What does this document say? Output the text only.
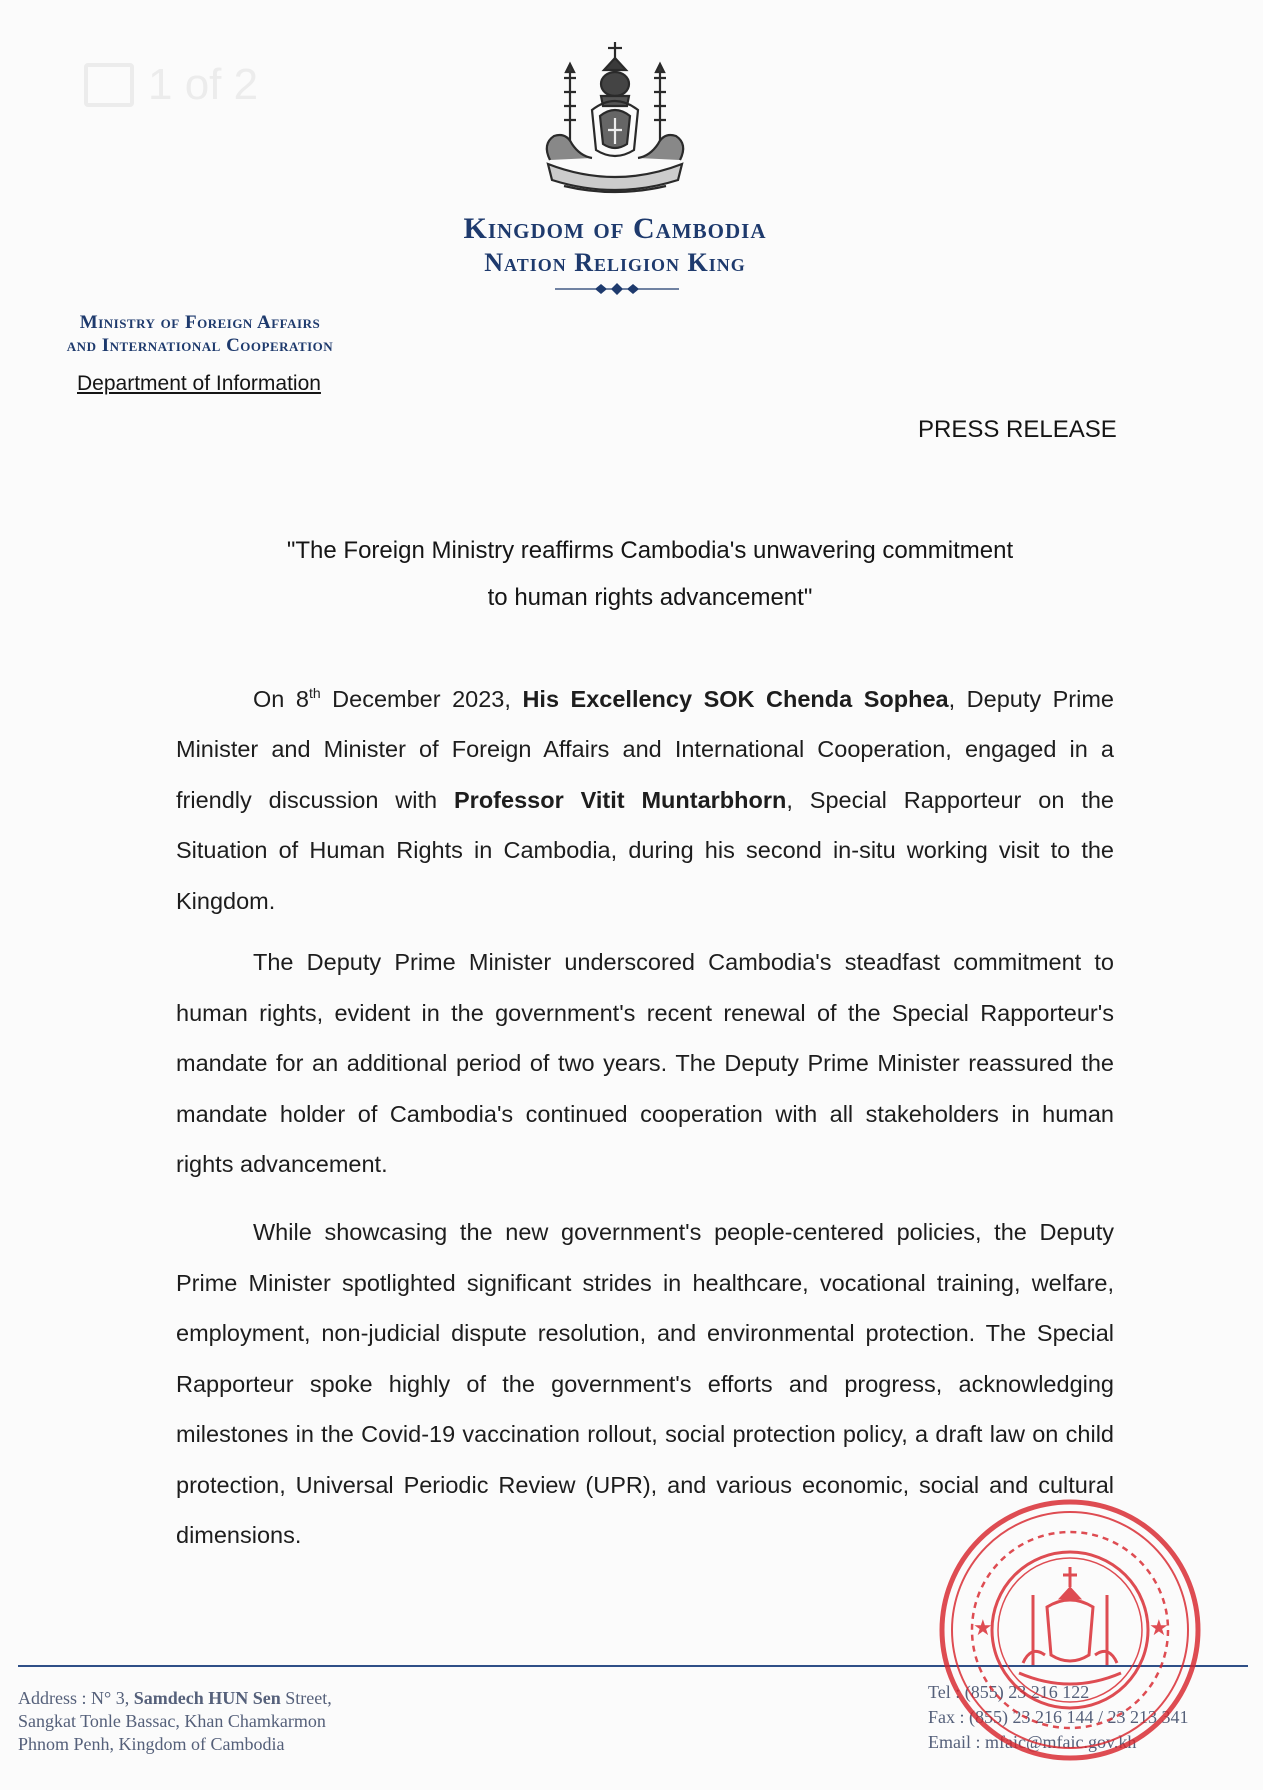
1 of 2
Kingdom of Cambodia
Nation Religion King
Ministry of Foreign Affairs
and International Cooperation
Department of Information
PRESS RELEASE
"The Foreign Ministry reaffirms Cambodia's unwavering commitment
to human rights advancement"

On 8th December 2023, His Excellency SOK Chenda Sophea, Deputy Prime Minister and Minister of Foreign Affairs and International Cooperation, engaged in a friendly discussion with Professor Vitit Muntarbhorn, Special Rapporteur on the Situation of Human Rights in Cambodia, during his second in-situ working visit to the Kingdom.

The Deputy Prime Minister underscored Cambodia's steadfast commitment to human rights, evident in the government's recent renewal of the Special Rapporteur's mandate for an additional period of two years. The Deputy Prime Minister reassured the mandate holder of Cambodia's continued cooperation with all stakeholders in human rights advancement.

While showcasing the new government's people-centered policies, the Deputy Prime Minister spotlighted significant strides in healthcare, vocational training, welfare, employment, non-judicial dispute resolution, and environmental protection. The Special Rapporteur spoke highly of the government's efforts and progress, acknowledging milestones in the Covid-19 vaccination rollout, social protection policy, a draft law on child protection, Universal Periodic Review (UPR), and various economic, social and cultural dimensions.

Address : N° 3, Samdech HUN Sen Street,
Sangkat Tonle Bassac, Khan Chamkarmon
Phnom Penh, Kingdom of Cambodia
Tel : (855) 23 216 122
Fax : (855) 23 216 144 / 23 213 341
Email : mfaic@mfaic.gov.kh
★	★
